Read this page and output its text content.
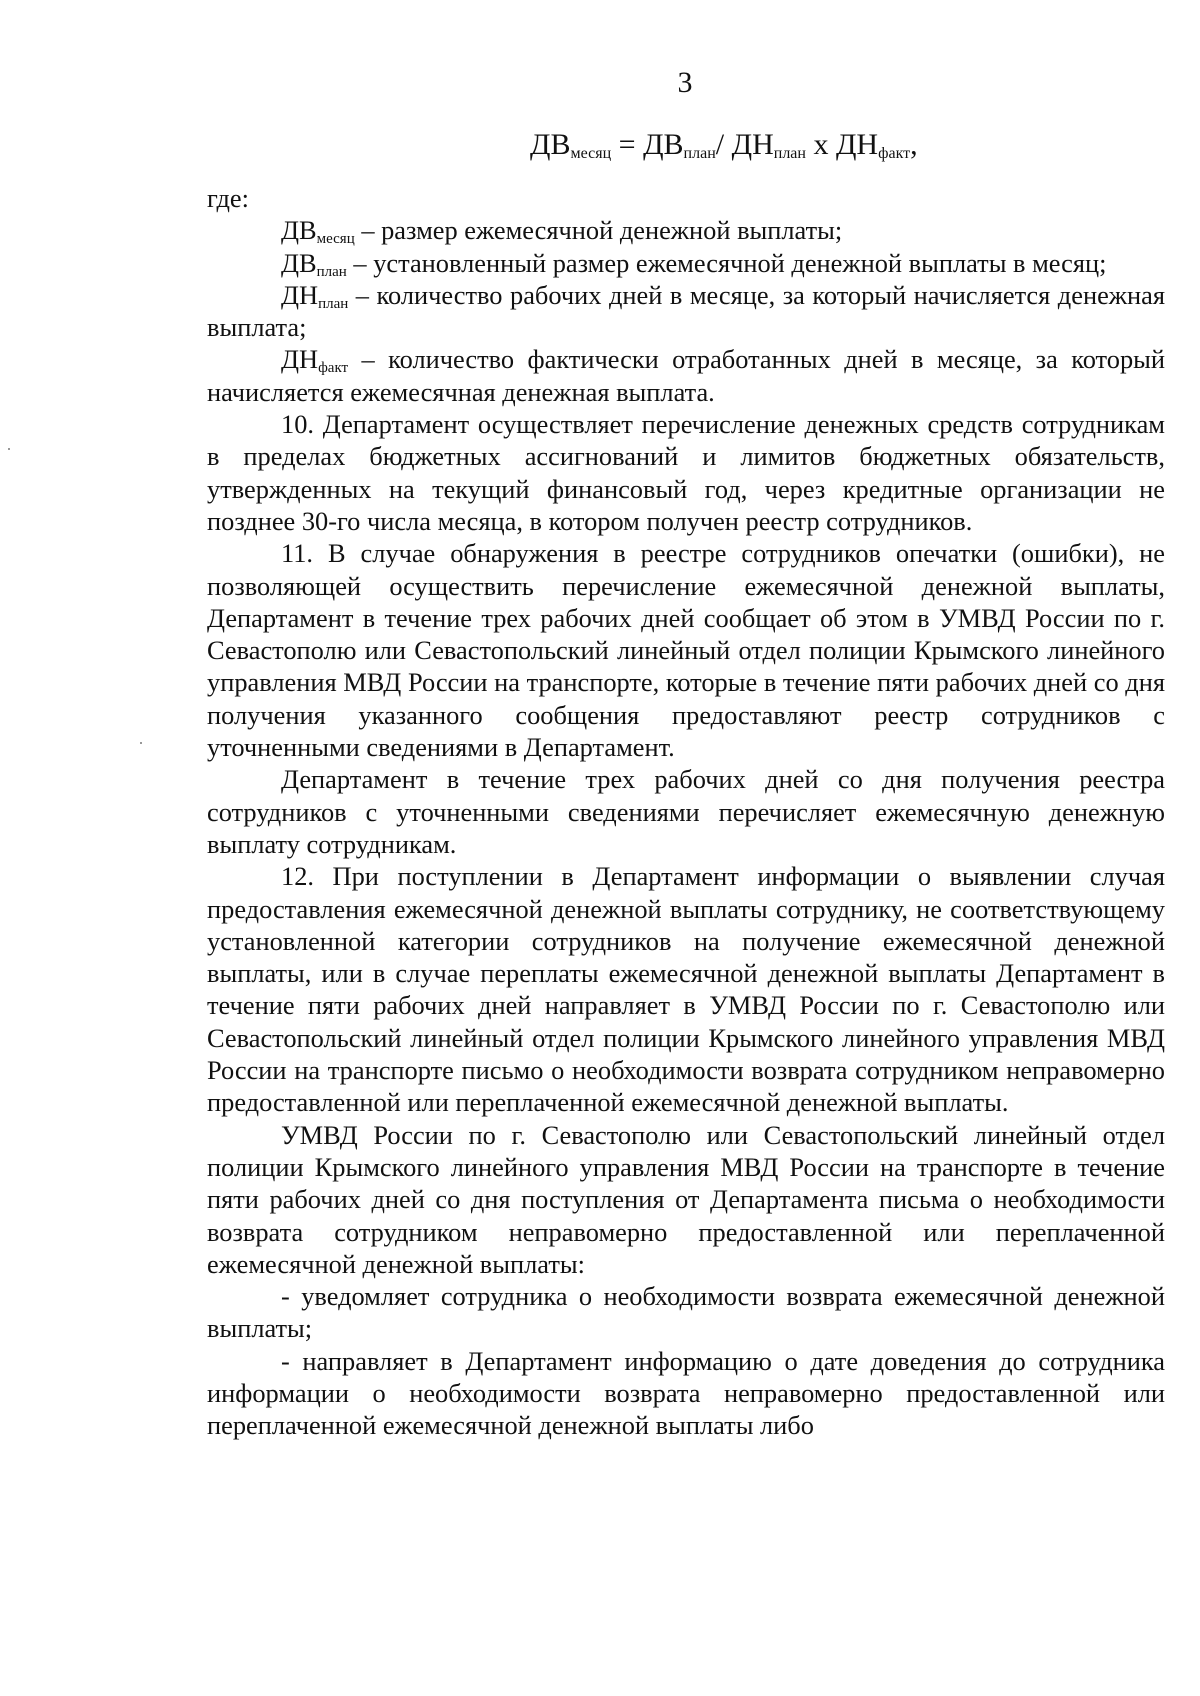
3
$ДВ_{месяц} = ДВ_{план}/$ $ДН_{план}$ х $ДН_{факт}$,

где:

$ДВ_{месяц}$ – размер ежемесячной денежной выплаты;

$ДВ_{план}$ – установленный размер ежемесячной денежной выплаты в месяц;

$ДН_{план}$ – количество рабочих дней в месяце, за который начисляется денежная выплата;

$ДН_{факт}$ – количество фактически отработанных дней в месяце, за который начисляется ежемесячная денежная выплата.

10. Департамент осуществляет перечисление денежных средств сотрудникам в пределах бюджетных ассигнований и лимитов бюджетных обязательств, утвержденных на текущий финансовый год, через кредитные организации не позднее 30-го числа месяца, в котором получен реестр сотрудников.

11. В случае обнаружения в реестре сотрудников опечатки (ошибки), не позволяющей осуществить перечисление ежемесячной денежной выплаты, Департамент в течение трех рабочих дней сообщает об этом в УМВД России по г. Севастополю или Севастопольский линейный отдел полиции Крымского линейного управления МВД России на транспорте, которые в течение пяти рабочих дней со дня получения указанного сообщения предоставляют реестр сотрудников с уточненными сведениями в Департамент.

Департамент в течение трех рабочих дней со дня получения реестра сотрудников с уточненными сведениями перечисляет ежемесячную денежную выплату сотрудникам.

12. При поступлении в Департамент информации о выявлении случая предоставления ежемесячной денежной выплаты сотруднику, не соответствующему установленной категории сотрудников на получение ежемесячной денежной выплаты, или в случае переплаты ежемесячной денежной выплаты Департамент в течение пяти рабочих дней направляет в УМВД России по г. Севастополю или Севастопольский линейный отдел полиции Крымского линейного управления МВД России на транспорте письмо о необходимости возврата сотрудником неправомерно предоставленной или переплаченной ежемесячной денежной выплаты.

УМВД России по г. Севастополю или Севастопольский линейный отдел полиции Крымского линейного управления МВД России на транспорте в течение пяти рабочих дней со дня поступления от Департамента письма о необходимости возврата сотрудником неправомерно предоставленной или переплаченной ежемесячной денежной выплаты:

- уведомляет сотрудника о необходимости возврата ежемесячной денежной выплаты;

- направляет в Департамент информацию о дате доведения до сотрудника информации о необходимости возврата неправомерно предоставленной или переплаченной ежемесячной денежной выплаты либо
